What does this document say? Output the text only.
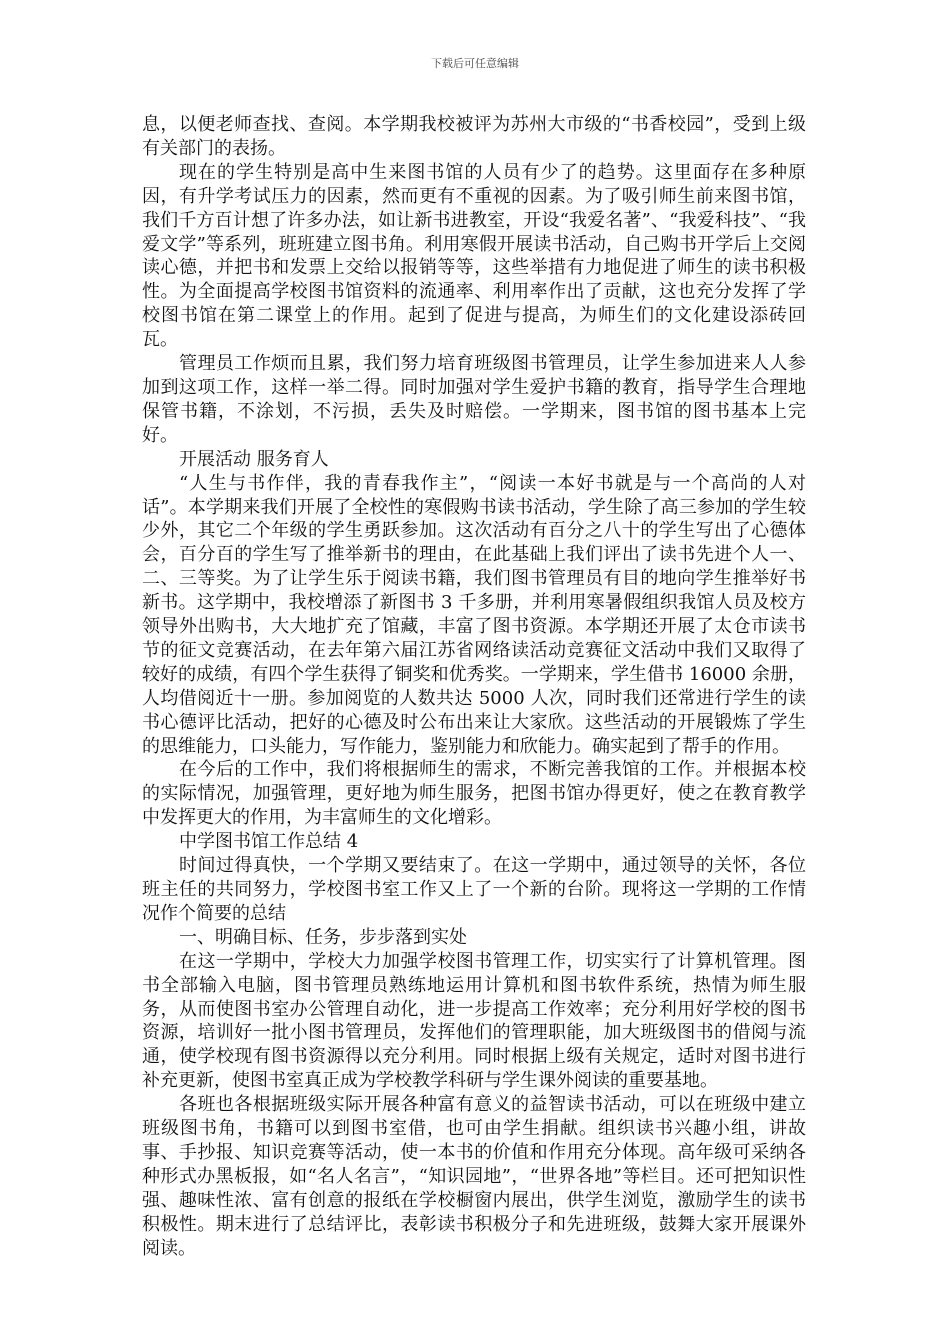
下载后可任意编辑

息，以便老师查找、查阅。本学期我校被评为苏州大市级的“书香校园”，受到上级有关部门的表扬。

现在的学生特别是高中生来图书馆的人员有少了的趋势。这里面存在多种原因，有升学考试压力的因素，然而更有不重视的因素。为了吸引师生前来图书馆，我们千方百计想了许多办法，如让新书进教室，开设“我爱名著”、“我爱科技”、“我爱文学”等系列，班班建立图书角。利用寒假开展读书活动，自己购书开学后上交阅读心德，并把书和发票上交给以报销等等，这些举措有力地促进了师生的读书积极性。为全面提高学校图书馆资料的流通率、利用率作出了贡献，这也充分发挥了学校图书馆在第二课堂上的作用。起到了促进与提高，为师生们的文化建设添砖回瓦。

管理员工作烦而且累，我们努力培育班级图书管理员，让学生参加进来人人参加到这项工作，这样一举二得。同时加强对学生爱护书籍的教育，指导学生合理地保管书籍，不涂划，不污损，丢失及时赔偿。一学期来，图书馆的图书基本上完好。

开展活动 服务育人

“人生与书作伴，我的青春我作主”，“阅读一本好书就是与一个高尚的人对话”。本学期来我们开展了全校性的寒假购书读书活动，学生除了高三参加的学生较少外，其它二个年级的学生勇跃参加。这次活动有百分之八十的学生写出了心德体会，百分百的学生写了推举新书的理由，在此基础上我们评出了读书先进个人一、二、三等奖。为了让学生乐于阅读书籍，我们图书管理员有目的地向学生推举好书新书。这学期中，我校增添了新图书 3 千多册，并利用寒暑假组织我馆人员及校方领导外出购书，大大地扩充了馆藏，丰富了图书资源。本学期还开展了太仓市读书节的征文竞赛活动，在去年第六届江苏省网络读活动竞赛征文活动中我们又取得了较好的成绩，有四个学生获得了铜奖和优秀奖。一学期来，学生借书 16000 余册，人均借阅近十一册。参加阅览的人数共达 5000 人次，同时我们还常进行学生的读书心德评比活动，把好的心德及时公布出来让大家欣。这些活动的开展锻炼了学生的思维能力，口头能力，写作能力，鉴别能力和欣能力。确实起到了帮手的作用。

在今后的工作中，我们将根据师生的需求，不断完善我馆的工作。并根据本校的实际情况，加强管理，更好地为师生服务，把图书馆办得更好，使之在教育教学中发挥更大的作用，为丰富师生的文化增彩。

中学图书馆工作总结 4

时间过得真快，一个学期又要结束了。在这一学期中，通过领导的关怀，各位班主任的共同努力，学校图书室工作又上了一个新的台阶。现将这一学期的工作情况作个简要的总结

一、明确目标、任务，步步落到实处

在这一学期中，学校大力加强学校图书管理工作，切实实行了计算机管理。图书全部输入电脑，图书管理员熟练地运用计算机和图书软件系统，热情为师生服务，从而使图书室办公管理自动化，进一步提高工作效率；充分利用好学校的图书资源，培训好一批小图书管理员，发挥他们的管理职能，加大班级图书的借阅与流通，使学校现有图书资源得以充分利用。同时根据上级有关规定，适时对图书进行补充更新，使图书室真正成为学校教学科研与学生课外阅读的重要基地。

各班也各根据班级实际开展各种富有意义的益智读书活动，可以在班级中建立班级图书角，书籍可以到图书室借，也可由学生捐献。组织读书兴趣小组，讲故事、手抄报、知识竞赛等活动，使一本书的价值和作用充分体现。高年级可采纳各种形式办黑板报，如“名人名言”，“知识园地”，“世界各地”等栏目。还可把知识性强、趣味性浓、富有创意的报纸在学校橱窗内展出，供学生浏览，激励学生的读书积极性。期末进行了总结评比，表彰读书积极分子和先进班级，鼓舞大家开展课外阅读。
